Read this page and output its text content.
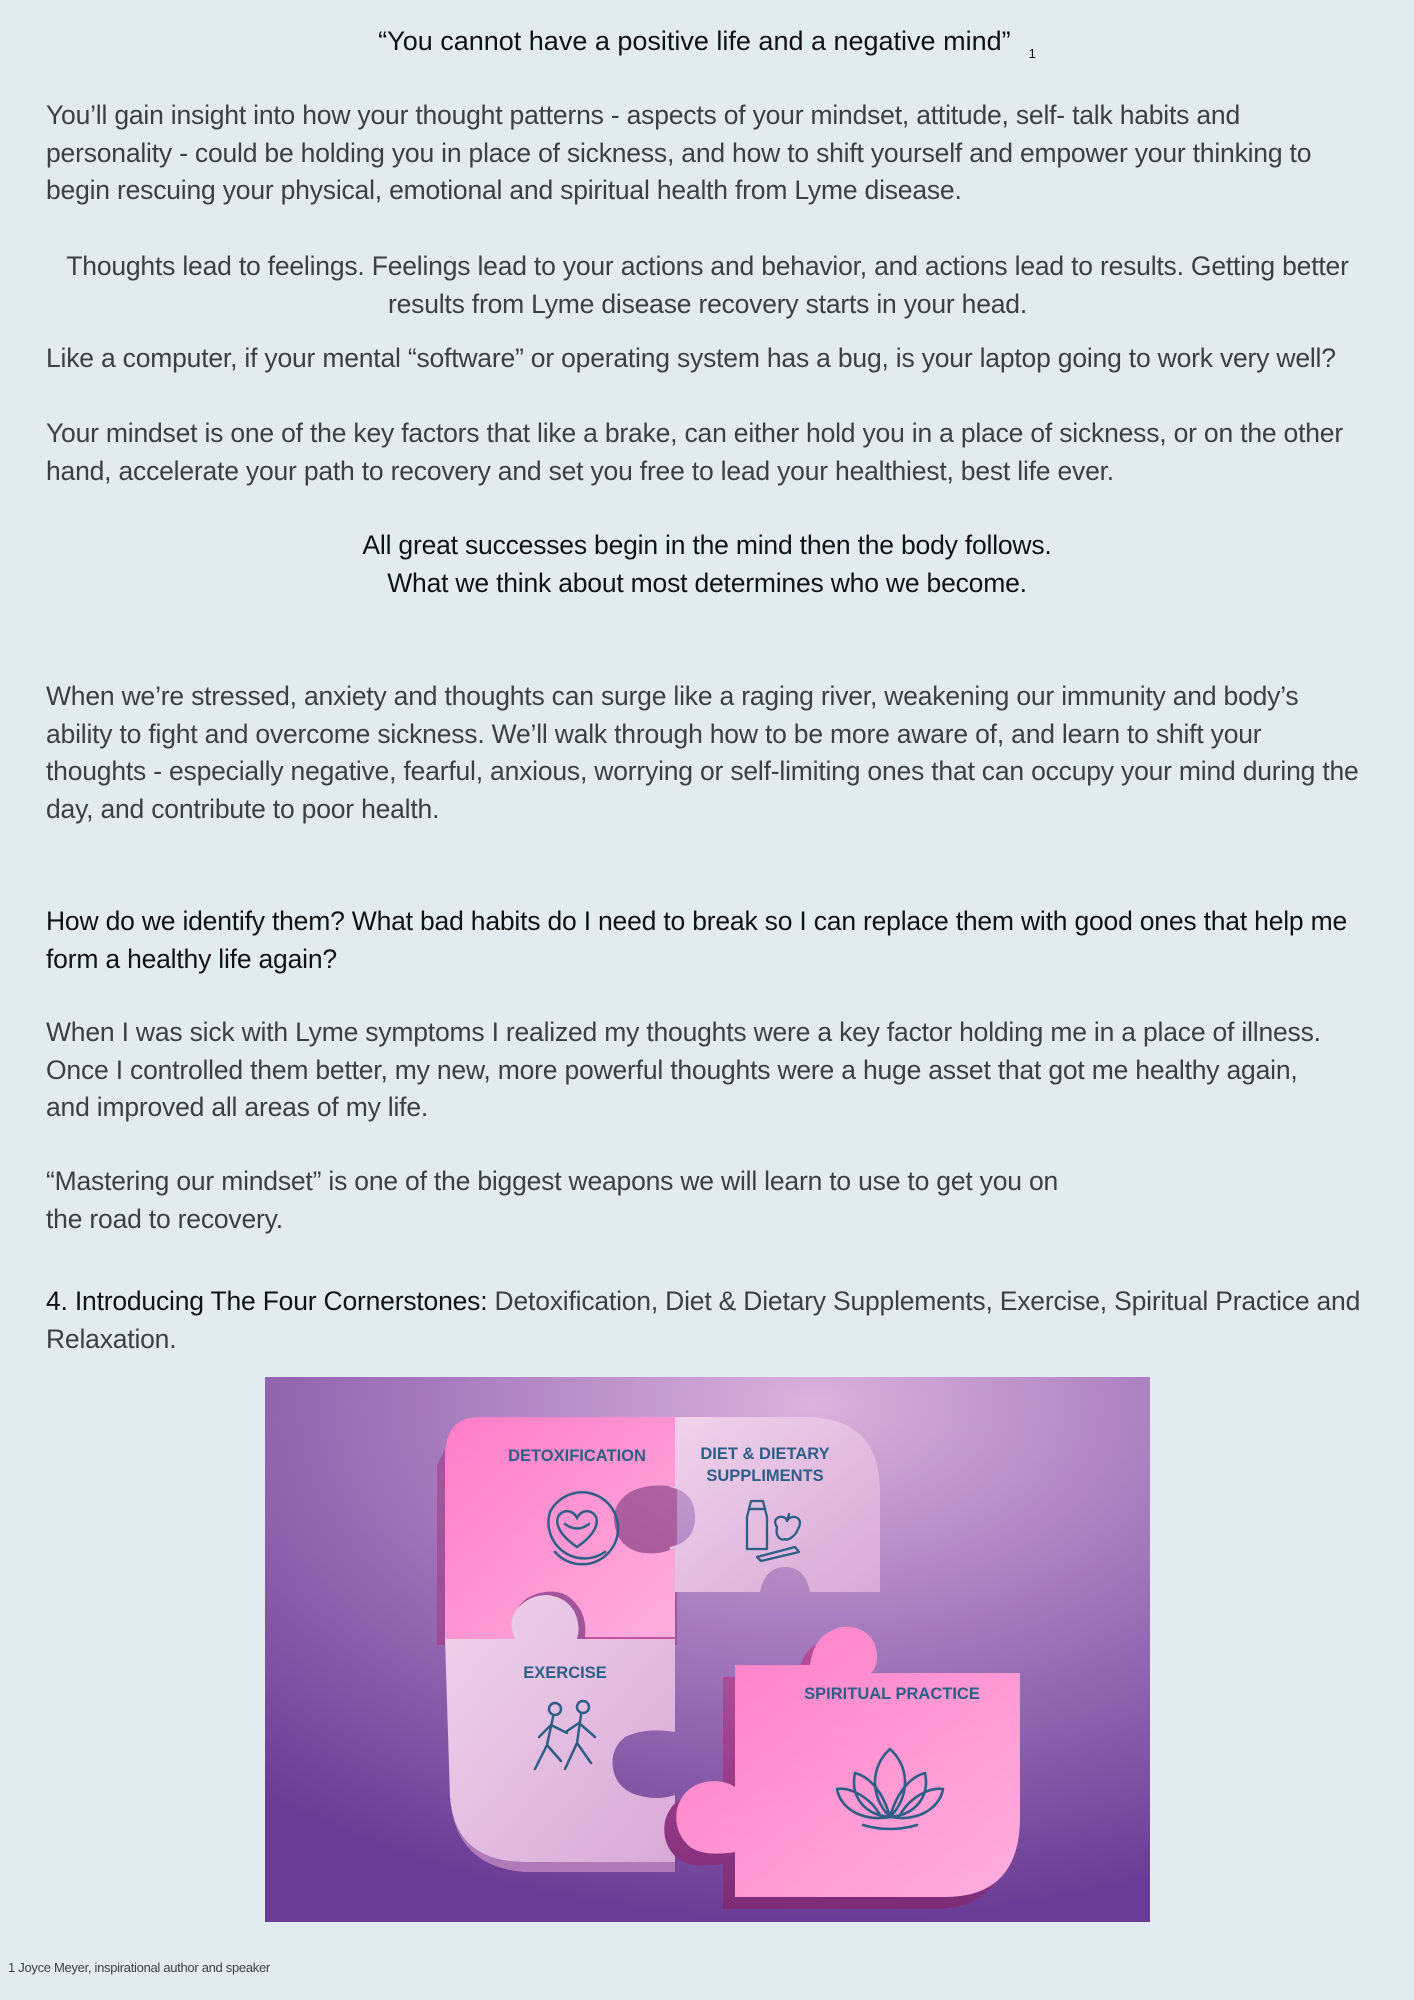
“You cannot have a positive life and a negative mind” $^1$

You’ll gain insight into how your thought patterns - aspects of your mindset, attitude, self- talk habits and personality - could be holding you in place of sickness, and how to shift yourself and empower your thinking to begin rescuing your physical, emotional and spiritual health from Lyme disease.

Thoughts lead to feelings. Feelings lead to your actions and behavior, and actions lead to results. Getting better results from Lyme disease recovery starts in your head.

Like a computer, if your mental “software” or operating system has a bug, is your laptop going to work very well?

Your mindset is one of the key factors that like a brake, can either hold you in a place of sickness, or on the other hand, accelerate your path to recovery and set you free to lead your healthiest, best life ever.

All great successes begin in the mind then the body follows.
What we think about most determines who we become.

When we’re stressed, anxiety and thoughts can surge like a raging river, weakening our immunity and body’s ability to fight and overcome sickness. We’ll walk through how to be more aware of, and learn to shift your thoughts - especially negative, fearful, anxious, worrying or self-limiting ones that can occupy your mind during the day, and contribute to poor health.

How do we identify them? What bad habits do I need to break so I can replace them with good ones that help me form a healthy life again?

When I was sick with Lyme symptoms I realized my thoughts were a key factor holding me in a place of illness. Once I controlled them better, my new, more powerful thoughts were a huge asset that got me healthy again, and improved all areas of my life.

“Mastering our mindset” is one of the biggest weapons we will learn to use to get you on the road to recovery.

4. Introducing The Four Cornerstones: Detoxification, Diet & Dietary Supplements, Exercise, Spiritual Practice and Relaxation.

DETOXIFICATION	DIET & DIETARY
SUPPLIMENTS
EXERCISE
SPIRITUAL PRACTICE
1 Joyce Meyer, inspirational author and speaker
